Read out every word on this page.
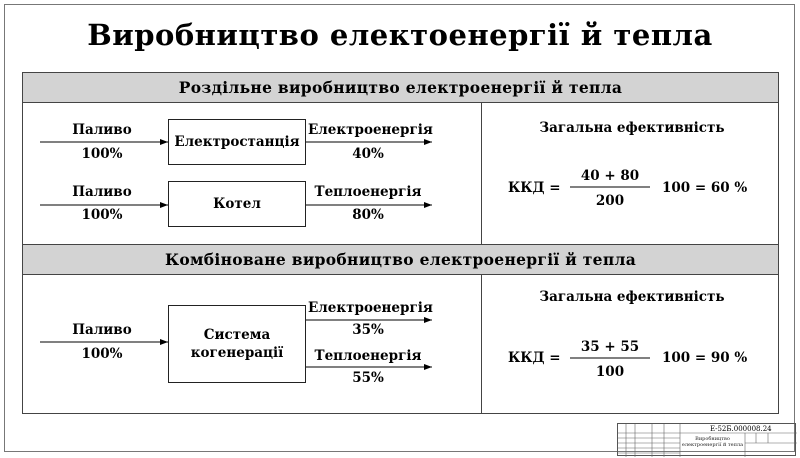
Виробництво електоенергії й тепла
Роздільне виробництво електроенергії й тепла
Комбіноване виробництво електроенергії й тепла
Паливо
100%
Електростанція
Електроенергія
40%
Паливо
100%
Котел
Теплоенергія
80%
Загальна ефективність
ККД =
40 + 80
200
100 = 60 %
Паливо
100%
Система
когенерації
Електроенергія
35%
Теплоенергія
55%
Загальна ефективність
ККД =
35 + 55
100
100 = 90 %
Е-52Б.000008.24
Виробництво електроенергії й тепла
